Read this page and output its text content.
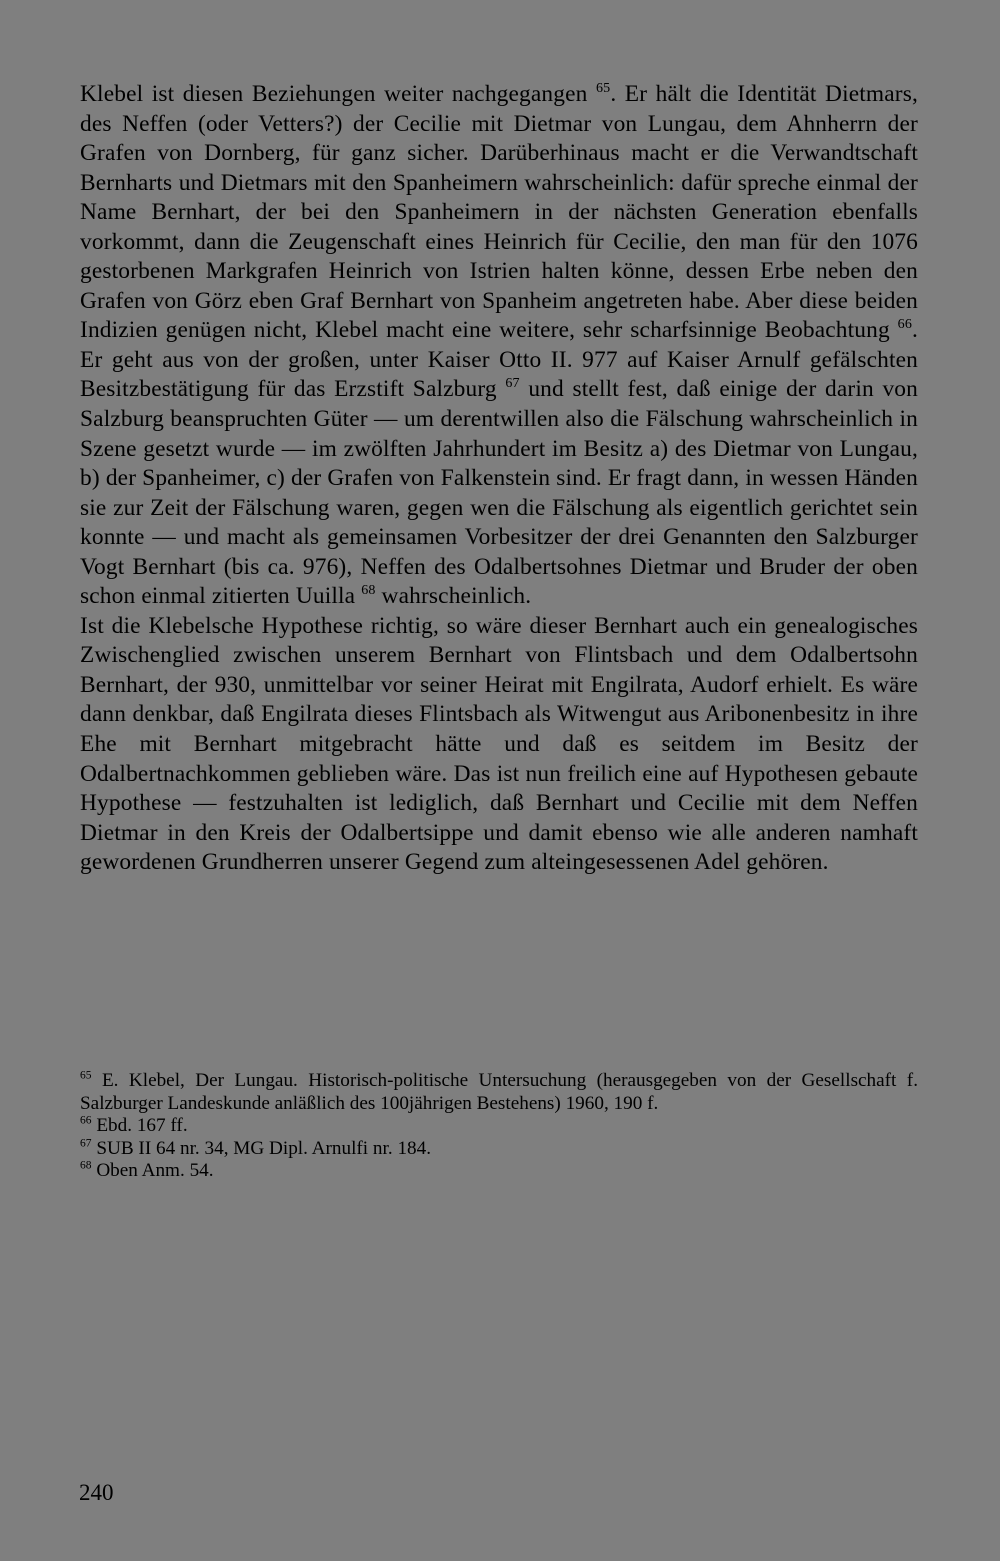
Klebel ist diesen Beziehungen weiter nachgegangen $^{65}$. Er hält die Identität Dietmars, des Neffen (oder Vetters?) der Cecilie mit Dietmar von Lungau, dem Ahnherrn der Grafen von Dornberg, für ganz sicher. Darüberhinaus macht er die Verwandtschaft Bernharts und Dietmars mit den Spanheimern wahrscheinlich: dafür spreche einmal der Name Bernhart, der bei den Spanheimern in der nächsten Generation ebenfalls vorkommt, dann die Zeugenschaft eines Heinrich für Cecilie, den man für den 1076 gestorbenen Markgrafen Heinrich von Istrien halten könne, dessen Erbe neben den Grafen von Görz eben Graf Bernhart von Spanheim angetreten habe. Aber diese beiden Indizien genügen nicht, Klebel macht eine weitere, sehr scharfsinnige Beobachtung $^{66}$. Er geht aus von der großen, unter Kaiser Otto II. 977 auf Kaiser Arnulf gefälschten Besitzbestätigung für das Erzstift Salzburg $^{67}$ und stellt fest, daß einige der darin von Salzburg beanspruchten Güter — um derentwillen also die Fälschung wahrscheinlich in Szene gesetzt wurde — im zwölften Jahrhundert im Besitz a) des Dietmar von Lungau, b) der Spanheimer, c) der Grafen von Falkenstein sind. Er fragt dann, in wessen Händen sie zur Zeit der Fälschung waren, gegen wen die Fälschung als eigentlich gerichtet sein konnte — und macht als gemeinsamen Vorbesitzer der drei Genannten den Salzburger Vogt Bernhart (bis ca. 976), Neffen des Odalbertsohnes Dietmar und Bruder der oben schon einmal zitierten Uuilla $^{68}$ wahrscheinlich.

Ist die Klebelsche Hypothese richtig, so wäre dieser Bernhart auch ein genealogisches Zwischenglied zwischen unserem Bernhart von Flintsbach und dem Odalbertsohn Bernhart, der 930, unmittelbar vor seiner Heirat mit Engilrata, Audorf erhielt. Es wäre dann denkbar, daß Engilrata dieses Flintsbach als Witwengut aus Aribonenbesitz in ihre Ehe mit Bernhart mitgebracht hätte und daß es seitdem im Besitz der Odalbertnachkommen geblieben wäre. Das ist nun freilich eine auf Hypothesen gebaute Hypothese — festzuhalten ist lediglich, daß Bernhart und Cecilie mit dem Neffen Dietmar in den Kreis der Odalbertsippe und damit ebenso wie alle anderen namhaft gewordenen Grundherren unserer Gegend zum alteingesessenen Adel gehören.

$^{65}$ E. Klebel, Der Lungau. Historisch-politische Untersuchung (herausgegeben von der Gesellschaft f. Salzburger Landeskunde anläßlich des 100jährigen Bestehens) 1960, 190 f.

$^{66}$ Ebd. 167 ff.

$^{67}$ SUB II 64 nr. 34, MG Dipl. Arnulfi nr. 184.

$^{68}$ Oben Anm. 54.

240
